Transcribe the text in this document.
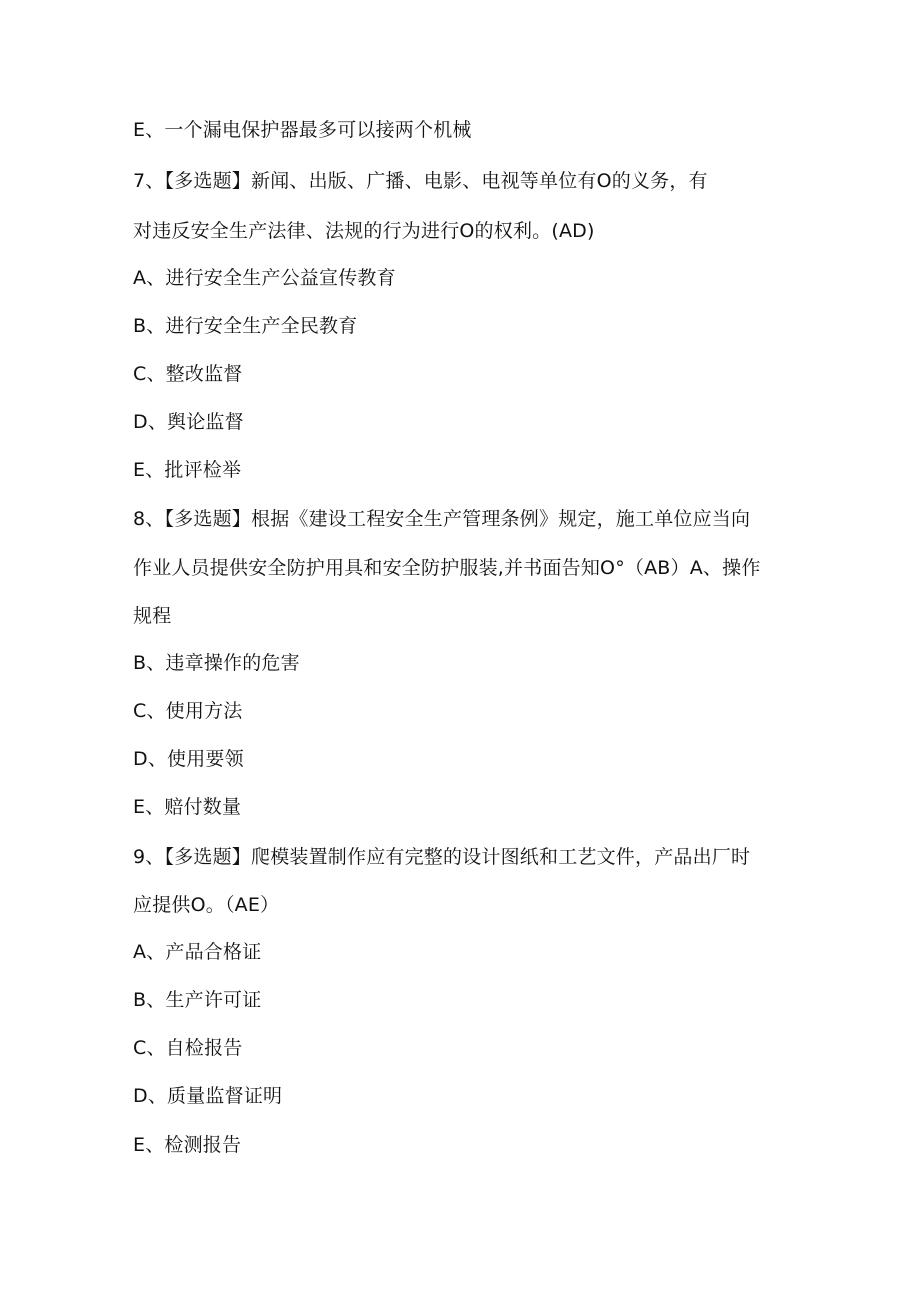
E、一个漏电保护器最多可以接两个机械
7、【多选题】新闻、出版、广播、电影、电视等单位有O的义务，有
对违反安全生产法律、法规的行为进行O的权利。(AD)
A、进行安全生产公益宣传教育
B、进行安全生产全民教育
C、整改监督
D、舆论监督
E、批评检举
8、【多选题】根据《建设工程安全生产管理条例》规定，施工单位应当向
作业人员提供安全防护用具和安全防护服装,并书面告知O°（AB）A、操作
规程
B、违章操作的危害
C、使用方法
D、使用要领
E、赔付数量
9、【多选题】爬模装置制作应有完整的设计图纸和工艺文件，产品出厂时
应提供O。（AE）
A、产品合格证
B、生产许可证
C、自检报告
D、质量监督证明
E、检测报告
